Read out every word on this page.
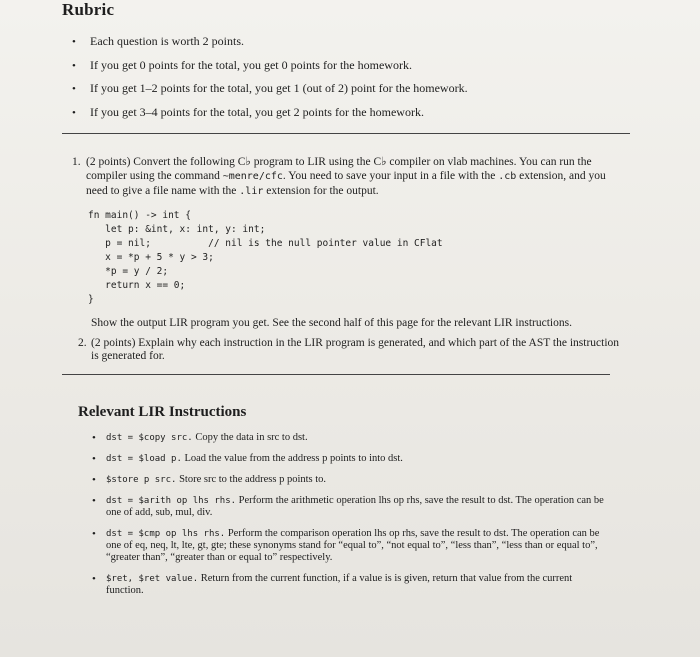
Rubric
• Each question is worth 2 points.
• If you get 0 points for the total, you get 0 points for the homework.
• If you get 1–2 points for the total, you get 1 (out of 2) point for the homework.
• If you get 3–4 points for the total, you get 2 points for the homework.
1. (2 points) Convert the following C♭ program to LIR using the C♭ compiler on vlab machines. You can run the compiler using the command ~menre/cfc. You need to save your input in a file with the .cb extension, and you need to give a file name with the .lir extension for the output.
fn main() -> int {
let p: &int, x: int, y: int;
p = nil;          // nil is the null pointer value in CFlat
x = *p + 5 * y > 3;
*p = y / 2;
return x == 0;
}
Show the output LIR program you get. See the second half of this page for the relevant LIR instructions.
2. (2 points) Explain why each instruction in the LIR program is generated, and which part of the AST the instruction is generated for.
Relevant LIR Instructions
•	dst = $copy src. Copy the data in src to dst.
•	dst = $load p. Load the value from the address p points to into dst.
•	$store p src. Store src to the address p points to.
•	dst = $arith op lhs rhs. Perform the arithmetic operation lhs op rhs, save the result to dst. The operation can be one of add, sub, mul, div.
•	dst = $cmp op lhs rhs. Perform the comparison operation lhs op rhs, save the result to dst. The operation can be one of eq, neq, lt, lte, gt, gte; these synonyms stand for “equal to”, “not equal to”, “less than”, “less than or equal to”, “greater than”, “greater than or equal to” respectively.
•	$ret, $ret value. Return from the current function, if a value is is given, return that value from the current function.
